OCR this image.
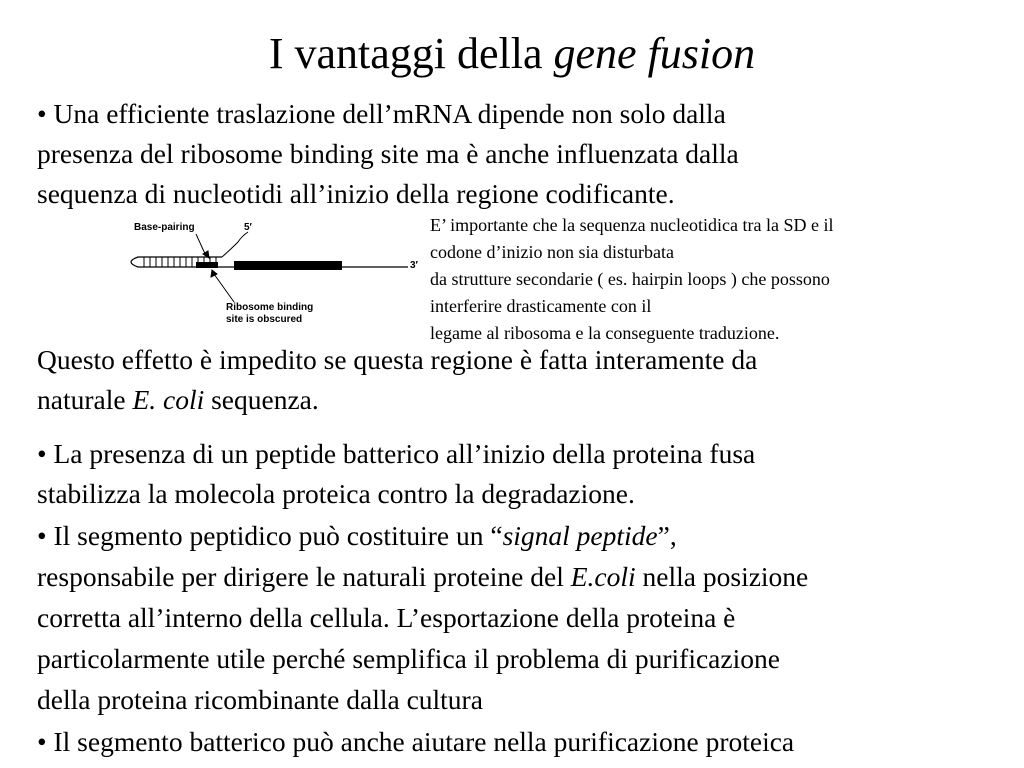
I vantaggi della gene fusion
• Una efficiente traslazione dell’mRNA dipende non solo dalla
presenza del ribosome binding site ma è anche influenzata dalla
sequenza di nucleotidi all’inizio della regione codificante.
Base-pairing	5′
3′
Ribosome binding
site is obscured
E’ importante che la sequenza nucleotidica tra la SD e il
codone d’inizio non sia disturbata
da strutture secondarie ( es. hairpin loops ) che possono
interferire drasticamente con il
legame al ribosoma e la conseguente traduzione.
Questo effetto è impedito se questa regione è fatta interamente da
naturale E. coli sequenza.
• La presenza di un peptide batterico all’inizio della proteina fusa
stabilizza la molecola proteica contro la degradazione.
• Il segmento peptidico può costituire un “signal peptide”,
responsabile per dirigere le naturali proteine del E.coli nella posizione
corretta all’interno della cellula. L’esportazione della proteina è
particolarmente utile perché semplifica il problema di purificazione
della proteina ricombinante dalla cultura
• Il segmento batterico può anche aiutare nella purificazione proteica
